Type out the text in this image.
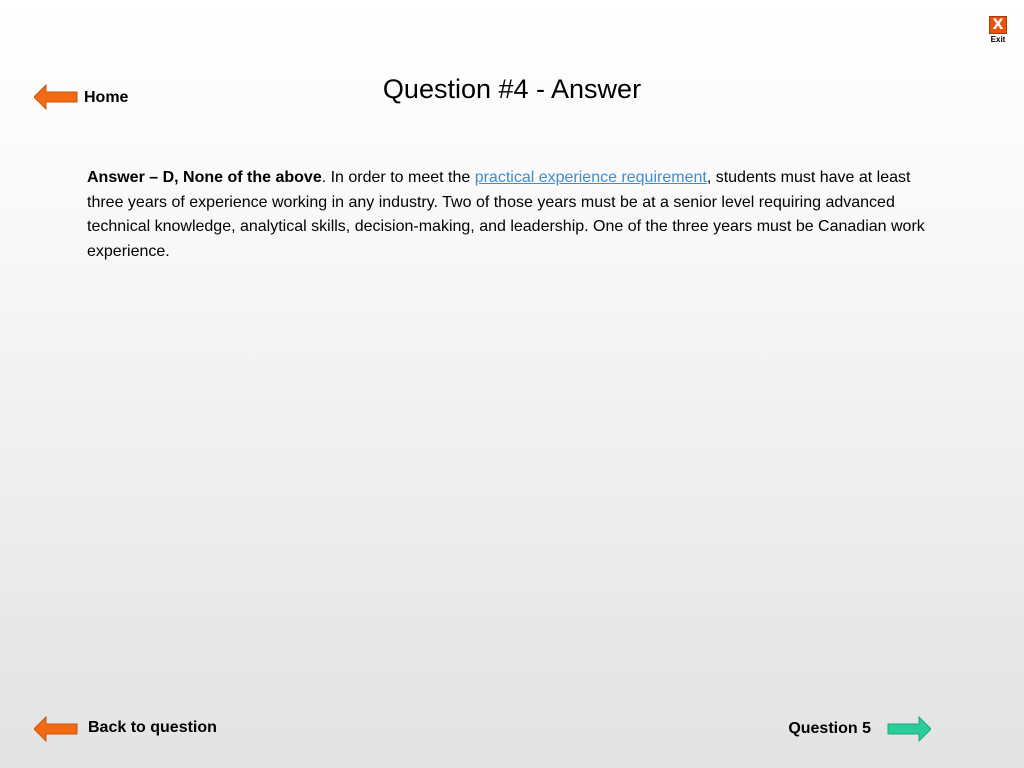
X
Exit
Home	Question #4 - Answer

Answer – D, None of the above. In order to meet the practical experience requirement, students must have at least three years of experience working in any industry. Two of those years must be at a senior level requiring advanced technical knowledge, analytical skills, decision-making, and leadership. One of the three years must be Canadian work experience.

Back to question	Question 5
